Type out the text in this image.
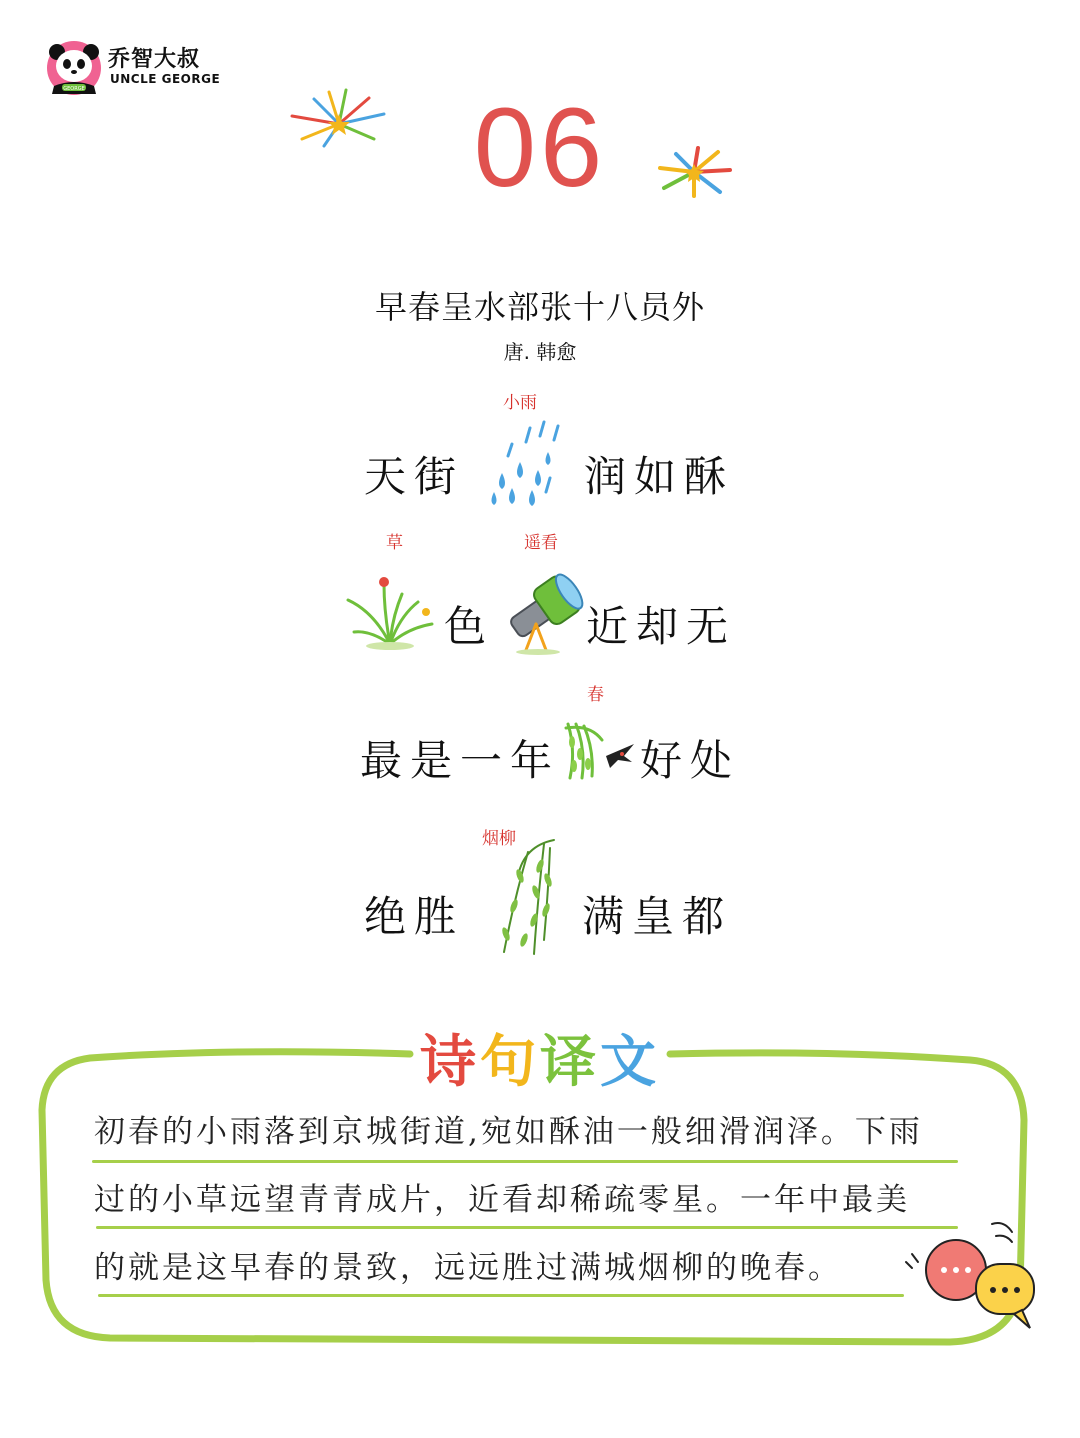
GEORGE
乔智大叔
UNCLE GEORGE
06
早春呈水部张十八员外
唐. 韩愈
小雨
天街	润如酥
草	遥看
色 近却无
春
最是一年 好处
烟柳
绝胜	满皇都
诗句译文
初春的小雨落到京城街道,宛如酥油一般细滑润泽。下雨
过的小草远望青青成片，近看却稀疏零星。一年中最美
的就是这早春的景致，远远胜过满城烟柳的晚春。
